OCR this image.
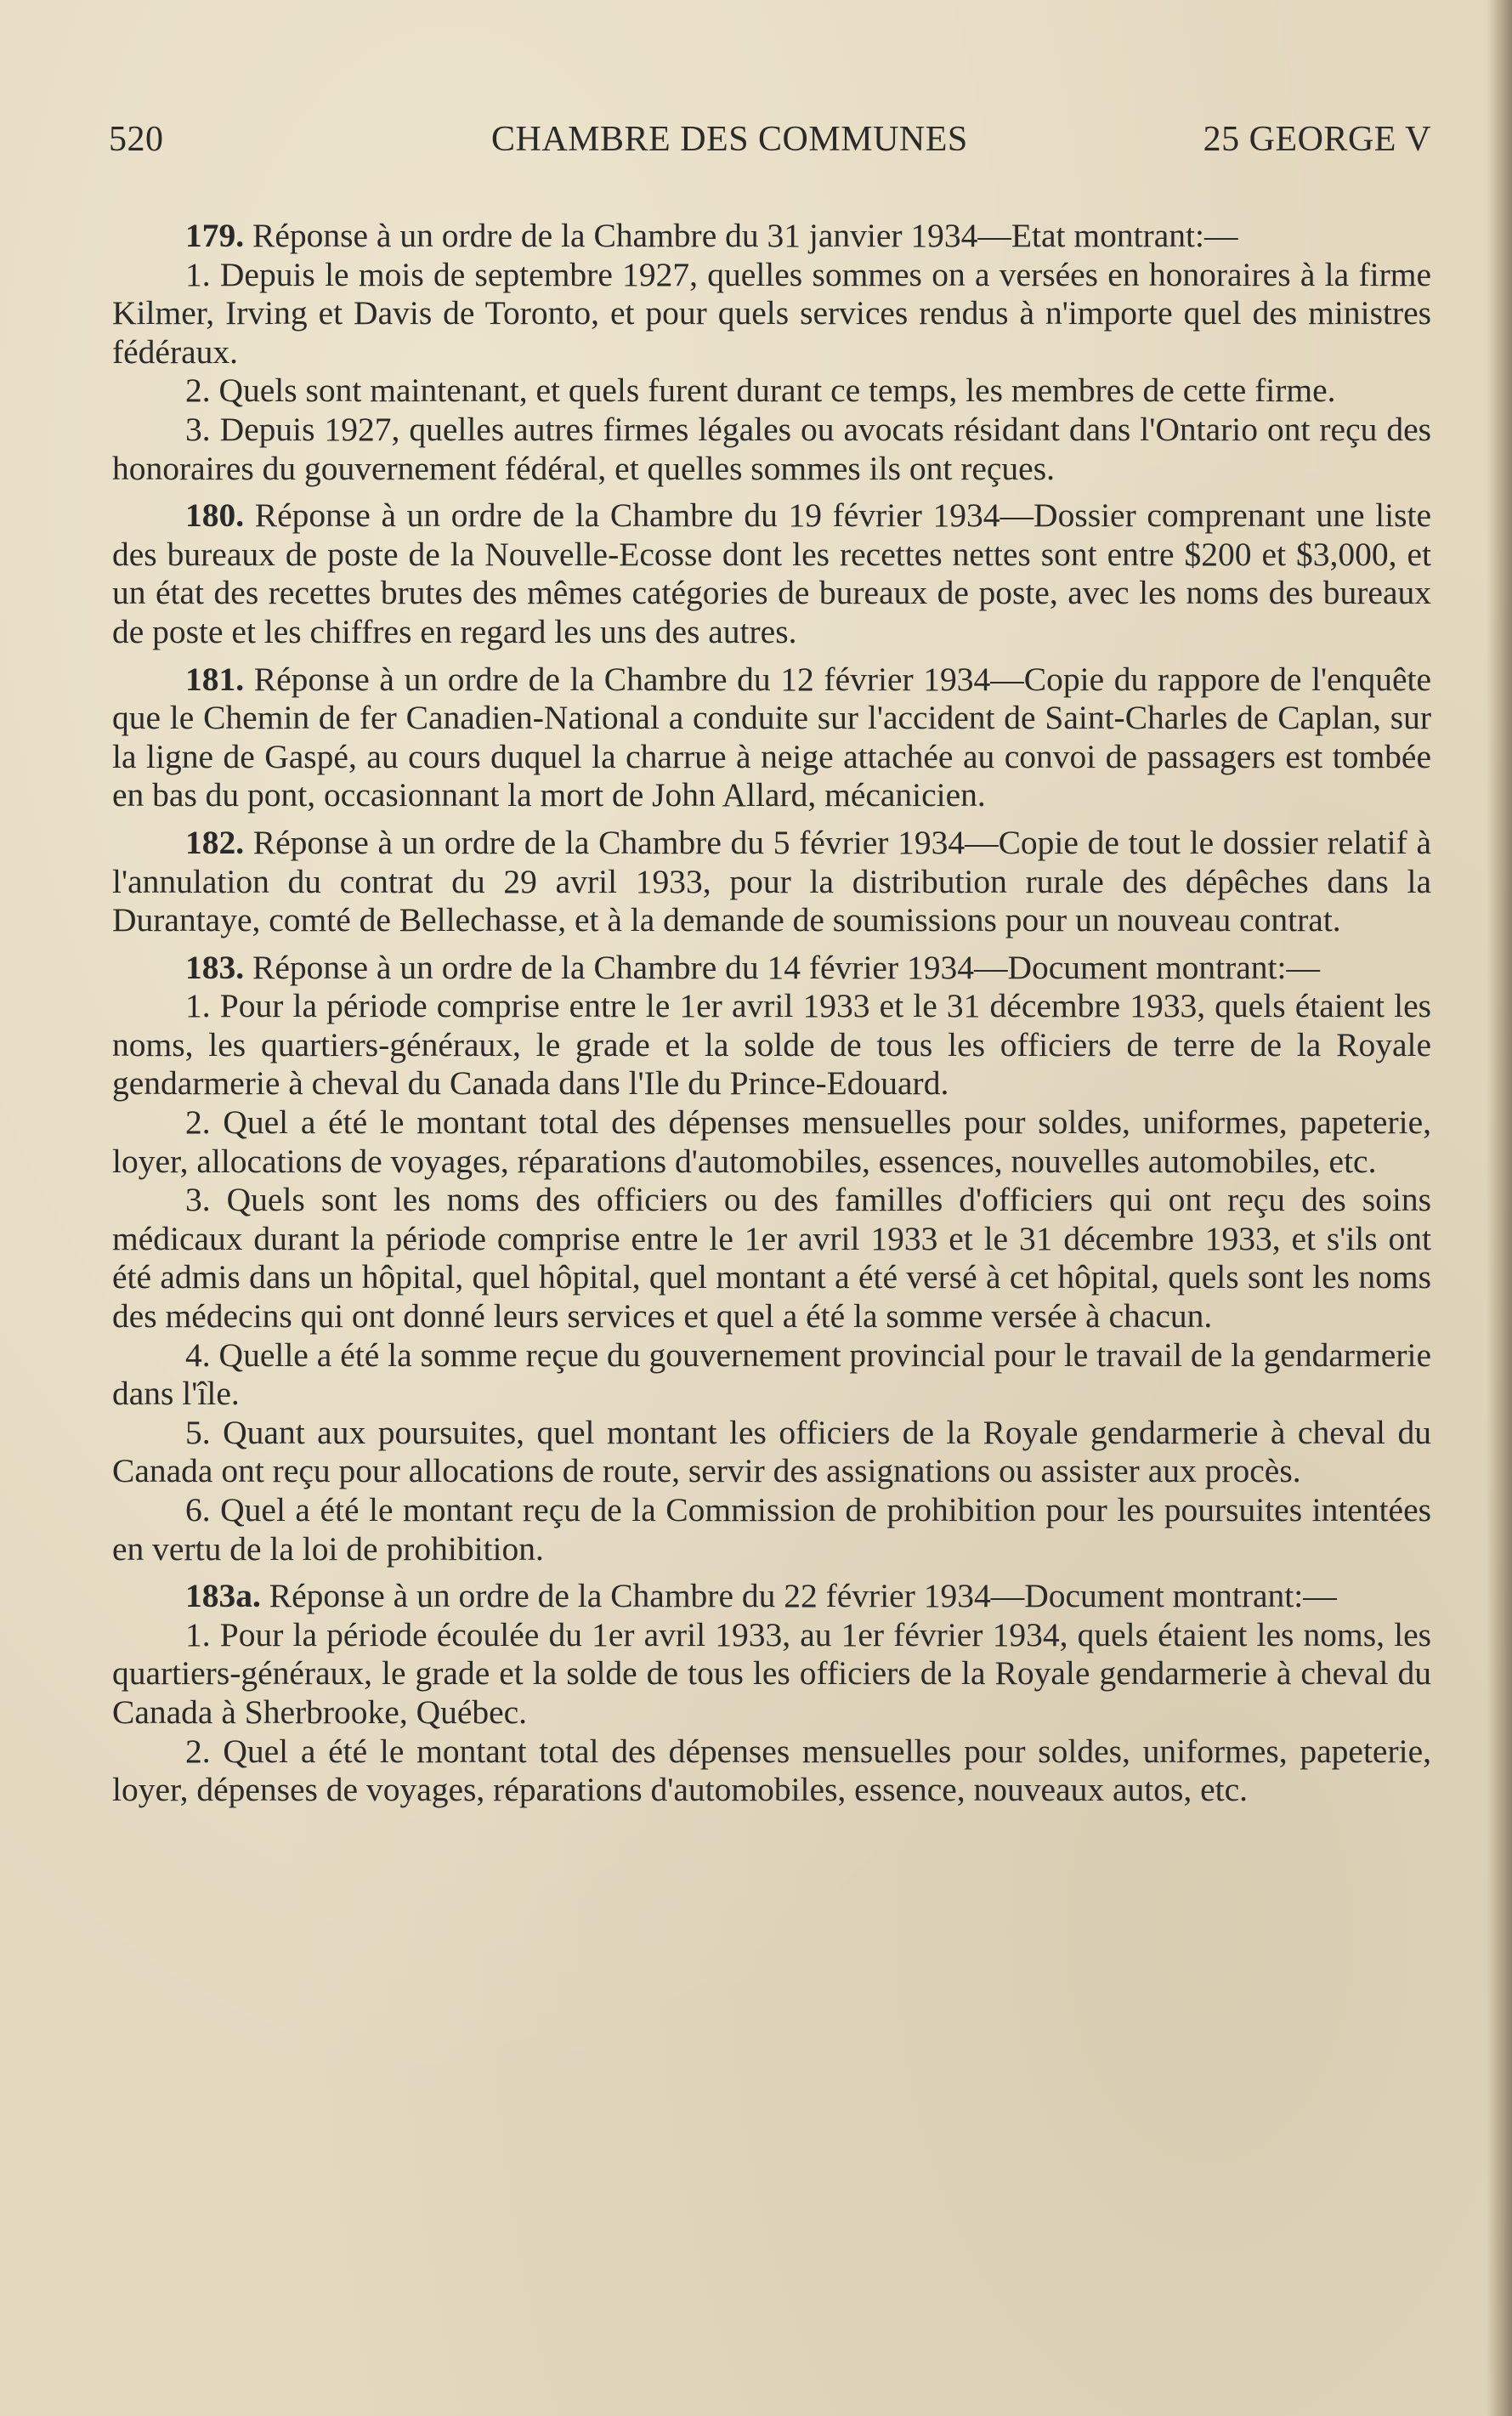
520	CHAMBRE DES COMMUNES	25 GEORGE V

179. Réponse à un ordre de la Chambre du 31 janvier 1934—Etat montrant:—

1. Depuis le mois de septembre 1927, quelles sommes on a versées en honoraires à la firme Kilmer, Irving et Davis de Toronto, et pour quels services rendus à n'importe quel des ministres fédéraux.

2. Quels sont maintenant, et quels furent durant ce temps, les membres de cette firme.

3. Depuis 1927, quelles autres firmes légales ou avocats résidant dans l'Ontario ont reçu des honoraires du gouvernement fédéral, et quelles sommes ils ont reçues.

180. Réponse à un ordre de la Chambre du 19 février 1934—Dossier comprenant une liste des bureaux de poste de la Nouvelle-Ecosse dont les recettes nettes sont entre $200 et $3,000, et un état des recettes brutes des mêmes catégories de bureaux de poste, avec les noms des bureaux de poste et les chiffres en regard les uns des autres.

181. Réponse à un ordre de la Chambre du 12 février 1934—Copie du rappore de l'enquête que le Chemin de fer Canadien-National a conduite sur l'accident de Saint-Charles de Caplan, sur la ligne de Gaspé, au cours duquel la charrue à neige attachée au convoi de passagers est tombée en bas du pont, occasionnant la mort de John Allard, mécanicien.

182. Réponse à un ordre de la Chambre du 5 février 1934—Copie de tout le dossier relatif à l'annulation du contrat du 29 avril 1933, pour la distribution rurale des dépêches dans la Durantaye, comté de Bellechasse, et à la demande de soumissions pour un nouveau contrat.

183. Réponse à un ordre de la Chambre du 14 février 1934—Document montrant:—

1. Pour la période comprise entre le 1er avril 1933 et le 31 décembre 1933, quels étaient les noms, les quartiers-généraux, le grade et la solde de tous les officiers de terre de la Royale gendarmerie à cheval du Canada dans l'Ile du Prince-Edouard.

2. Quel a été le montant total des dépenses mensuelles pour soldes, uniformes, papeterie, loyer, allocations de voyages, réparations d'automobiles, essences, nouvelles automobiles, etc.

3. Quels sont les noms des officiers ou des familles d'officiers qui ont reçu des soins médicaux durant la période comprise entre le 1er avril 1933 et le 31 décembre 1933, et s'ils ont été admis dans un hôpital, quel hôpital, quel montant a été versé à cet hôpital, quels sont les noms des médecins qui ont donné leurs services et quel a été la somme versée à chacun.

4. Quelle a été la somme reçue du gouvernement provincial pour le travail de la gendarmerie dans l'île.

5. Quant aux poursuites, quel montant les officiers de la Royale gendarmerie à cheval du Canada ont reçu pour allocations de route, servir des assignations ou assister aux procès.

6. Quel a été le montant reçu de la Commission de prohibition pour les poursuites intentées en vertu de la loi de prohibition.

183a. Réponse à un ordre de la Chambre du 22 février 1934—Document montrant:—

1. Pour la période écoulée du 1er avril 1933, au 1er février 1934, quels étaient les noms, les quartiers-généraux, le grade et la solde de tous les officiers de la Royale gendarmerie à cheval du Canada à Sherbrooke, Québec.

2. Quel a été le montant total des dépenses mensuelles pour soldes, uniformes, papeterie, loyer, dépenses de voyages, réparations d'automobiles, essence, nouveaux autos, etc.
